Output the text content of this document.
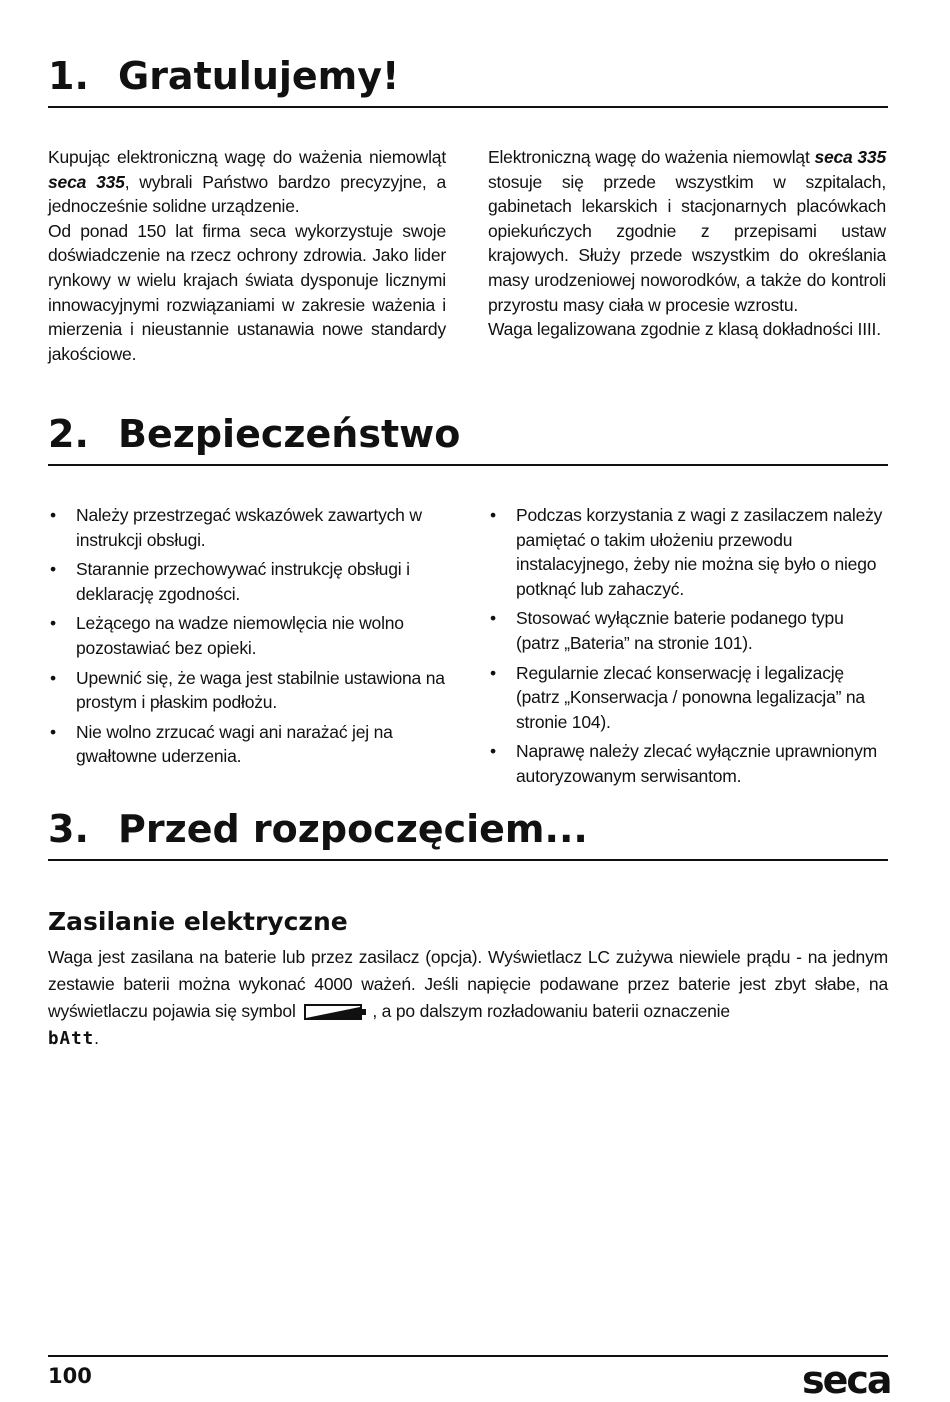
1. Gratulujemy!

Kupując elektroniczną wagę do ważenia niemowląt seca 335, wybrali Państwo bardzo precyzyjne, a jednocześnie solidne urządzenie.

Od ponad 150 lat firma seca wykorzystuje swoje doświadczenie na rzecz ochrony zdrowia. Jako lider rynkowy w wielu krajach świata dysponuje licznymi innowacyjnymi rozwiązaniami w zakresie ważenia i mierzenia i nieustannie ustanawia nowe standardy jakościowe.

Elektroniczną wagę do ważenia niemowląt seca 335 stosuje się przede wszystkim w szpitalach, gabinetach lekarskich i stacjonarnych placówkach opiekuńczych zgodnie z przepisami ustaw krajowych. Służy przede wszystkim do określania masy urodzeniowej noworodków, a także do kontroli przyrostu masy ciała w procesie wzrostu.

Waga legalizowana zgodnie z klasą dokładności IIII.

2. Bezpieczeństwo
• Należy przestrzegać wskazówek zawartych w instrukcji obsługi.
• Starannie przechowywać instrukcję obsługi i deklarację zgodności.
• Leżącego na wadze niemowlęcia nie wolno pozostawiać bez opieki.
• Upewnić się, że waga jest stabilnie ustawiona na prostym i płaskim podłożu.
• Nie wolno zrzucać wagi ani narażać jej na gwałtowne uderzenia.
• Podczas korzystania z wagi z zasilaczem należy pamiętać o takim ułożeniu przewodu instalacyjnego, żeby nie można się było o niego potknąć lub zahaczyć.
• Stosować wyłącznie baterie podanego typu (patrz „Bateria” na stronie 101).
• Regularnie zlecać konserwację i legalizację (patrz „Konserwacja / ponowna legalizacja” na stronie 104).
• Naprawę należy zlecać wyłącznie uprawnionym autoryzowanym serwisantom.
3. Przed rozpoczęciem...
Zasilanie elektryczne
Waga jest zasilana na baterie lub przez zasilacz (opcja). Wyświetlacz LC zużywa niewiele prądu - na jednym zestawie baterii można wykonać 4000 ważeń. Jeśli napięcie podawane przez baterie jest zbyt słabe, na wyświetlaczu pojawia się symbol	, a po dalszym rozładowaniu baterii oznaczenie
bAtt.
100	seca
